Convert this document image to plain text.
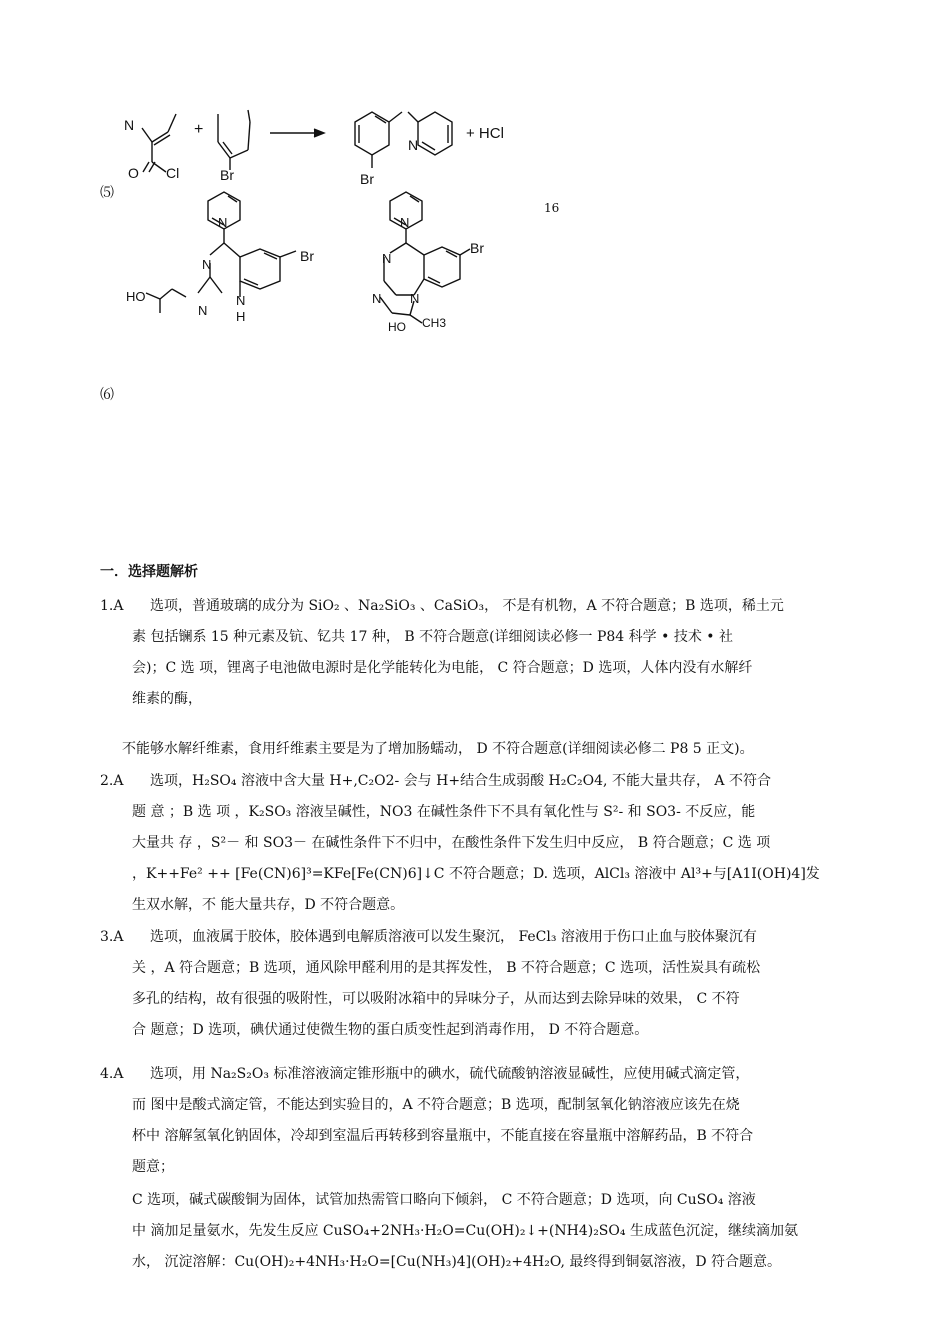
N
O Cl
+
Br	Br
N
+ HCl
⑸
N
N
Br
N
HO	N
H
N
N
Br
N N
HO CH3
16
⑹
一．选择题解析
1.A 选项，普通玻璃的成分为 SiO₂ 、Na₂SiO₃ 、CaSiO₃， 不是有机物，A 不符合题意；B 选项，稀土元
素 包括镧系 15 种元素及钪、钇共 17 种， B 不符合题意(详细阅读必修一 P84 科学 • 技术 • 社
会)；C 选 项，锂离子电池做电源时是化学能转化为电能， C 符合题意；D 选项，人体内没有水解纤
维素的酶，
不能够水解纤维素，食用纤维素主要是为了增加肠蠕动， D 不符合题意(详细阅读必修二 P8 5 正文)。
2.A 选项，H₂SO₄ 溶液中含大量 H+,C₂O2- 会与 H+结合生成弱酸 H₂C₂O4, 不能大量共存， A 不符合
题 意 ；B 选 项 ，K₂SO₃ 溶液呈碱性，NO3 在碱性条件下不具有氧化性与 S²- 和 SO3- 不反应，能
大量共 存 ，S²－ 和 SO3－ 在碱性条件下不归中，在酸性条件下发生归中反应， B 符合题意；C 选 项
，K++Fe² ++ [Fe(CN)6]³=KFe[Fe(CN)6]↓C 不符合题意；D. 选项，AlCl₃ 溶液中 Al³+与[A1I(OH)4]发
生双水解，不 能大量共存，D 不符合题意。
3.A 选项，血液属于胶体，胶体遇到电解质溶液可以发生聚沉， FeCl₃ 溶液用于伤口止血与胶体聚沉有
关 ，A 符合题意；B 选项，通风除甲醛利用的是其挥发性， B 不符合题意；C 选项，活性炭具有疏松
多孔的结构，故有很强的吸附性，可以吸附冰箱中的异味分子，从而达到去除异味的效果， C 不符
合 题意；D 选项，碘伏通过使微生物的蛋白质变性起到消毒作用， D 不符合题意。
4.A 选项，用 Na₂S₂O₃ 标准溶液滴定锥形瓶中的碘水，硫代硫酸钠溶液显碱性，应使用碱式滴定管，
而 图中是酸式滴定管，不能达到实验目的，A 不符合题意；B 选项，配制氢氧化钠溶液应该先在烧
杯中 溶解氢氧化钠固体，冷却到室温后再转移到容量瓶中，不能直接在容量瓶中溶解药品，B 不符合
题意；
C 选项，碱式碳酸铜为固体，试管加热需管口略向下倾斜， C 不符合题意；D 选项，向 CuSO₄ 溶液
中 滴加足量氨水，先发生反应 CuSO₄+2NH₃·H₂O=Cu(OH)₂↓+(NH4)₂SO₄ 生成蓝色沉淀，继续滴加氨
水， 沉淀溶解：Cu(OH)₂+4NH₃·H₂O=[Cu(NH₃)4](OH)₂+4H₂O, 最终得到铜氨溶液，D 符合题意。
